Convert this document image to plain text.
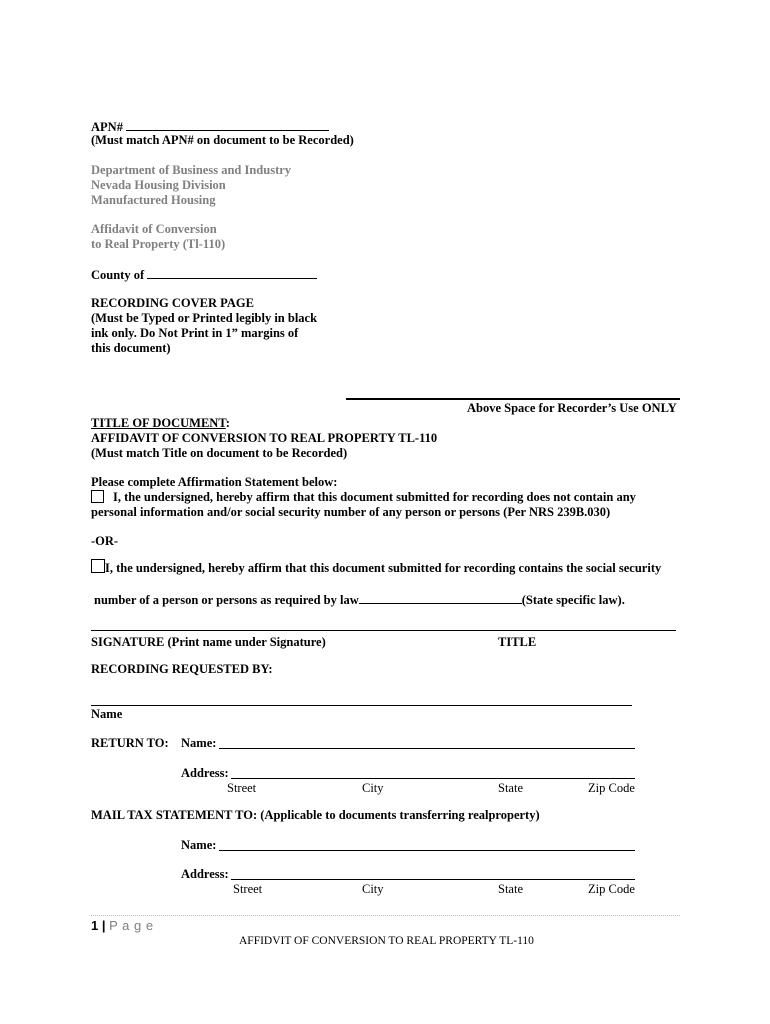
APN#
(Must match APN# on document to be Recorded)
Department of Business and Industry
Nevada Housing Division
Manufactured Housing
Affidavit of Conversion
to Real Property (Tl-110)
County of
RECORDING COVER PAGE
(Must be Typed or Printed legibly in black
ink only. Do Not Print in 1” margins of
this document)
Above Space for Recorder’s Use ONLY
TITLE OF DOCUMENT:
AFFIDAVIT OF CONVERSION TO REAL PROPERTY TL-110
(Must match Title on document to be Recorded)
Please complete Affirmation Statement below:
I, the undersigned, hereby affirm that this document submitted for recording does not contain any
personal information and/or social security number of any person or persons (Per NRS 239B.030)
-OR-
I, the undersigned, hereby affirm that this document submitted for recording contains the social security
number of a person or persons as required by law	(State specific law).
SIGNATURE (Print name under Signature)	TITLE
RECORDING REQUESTED BY:
Name
RETURN TO: Name:
Address:
Street	City	State	Zip Code
MAIL TAX STATEMENT TO: (Applicable to documents transferring realproperty)
Name:
Address:
Street	City	State	Zip Code
1 | P a g e
AFFIDVIT OF CONVERSION TO REAL PROPERTY TL-110
